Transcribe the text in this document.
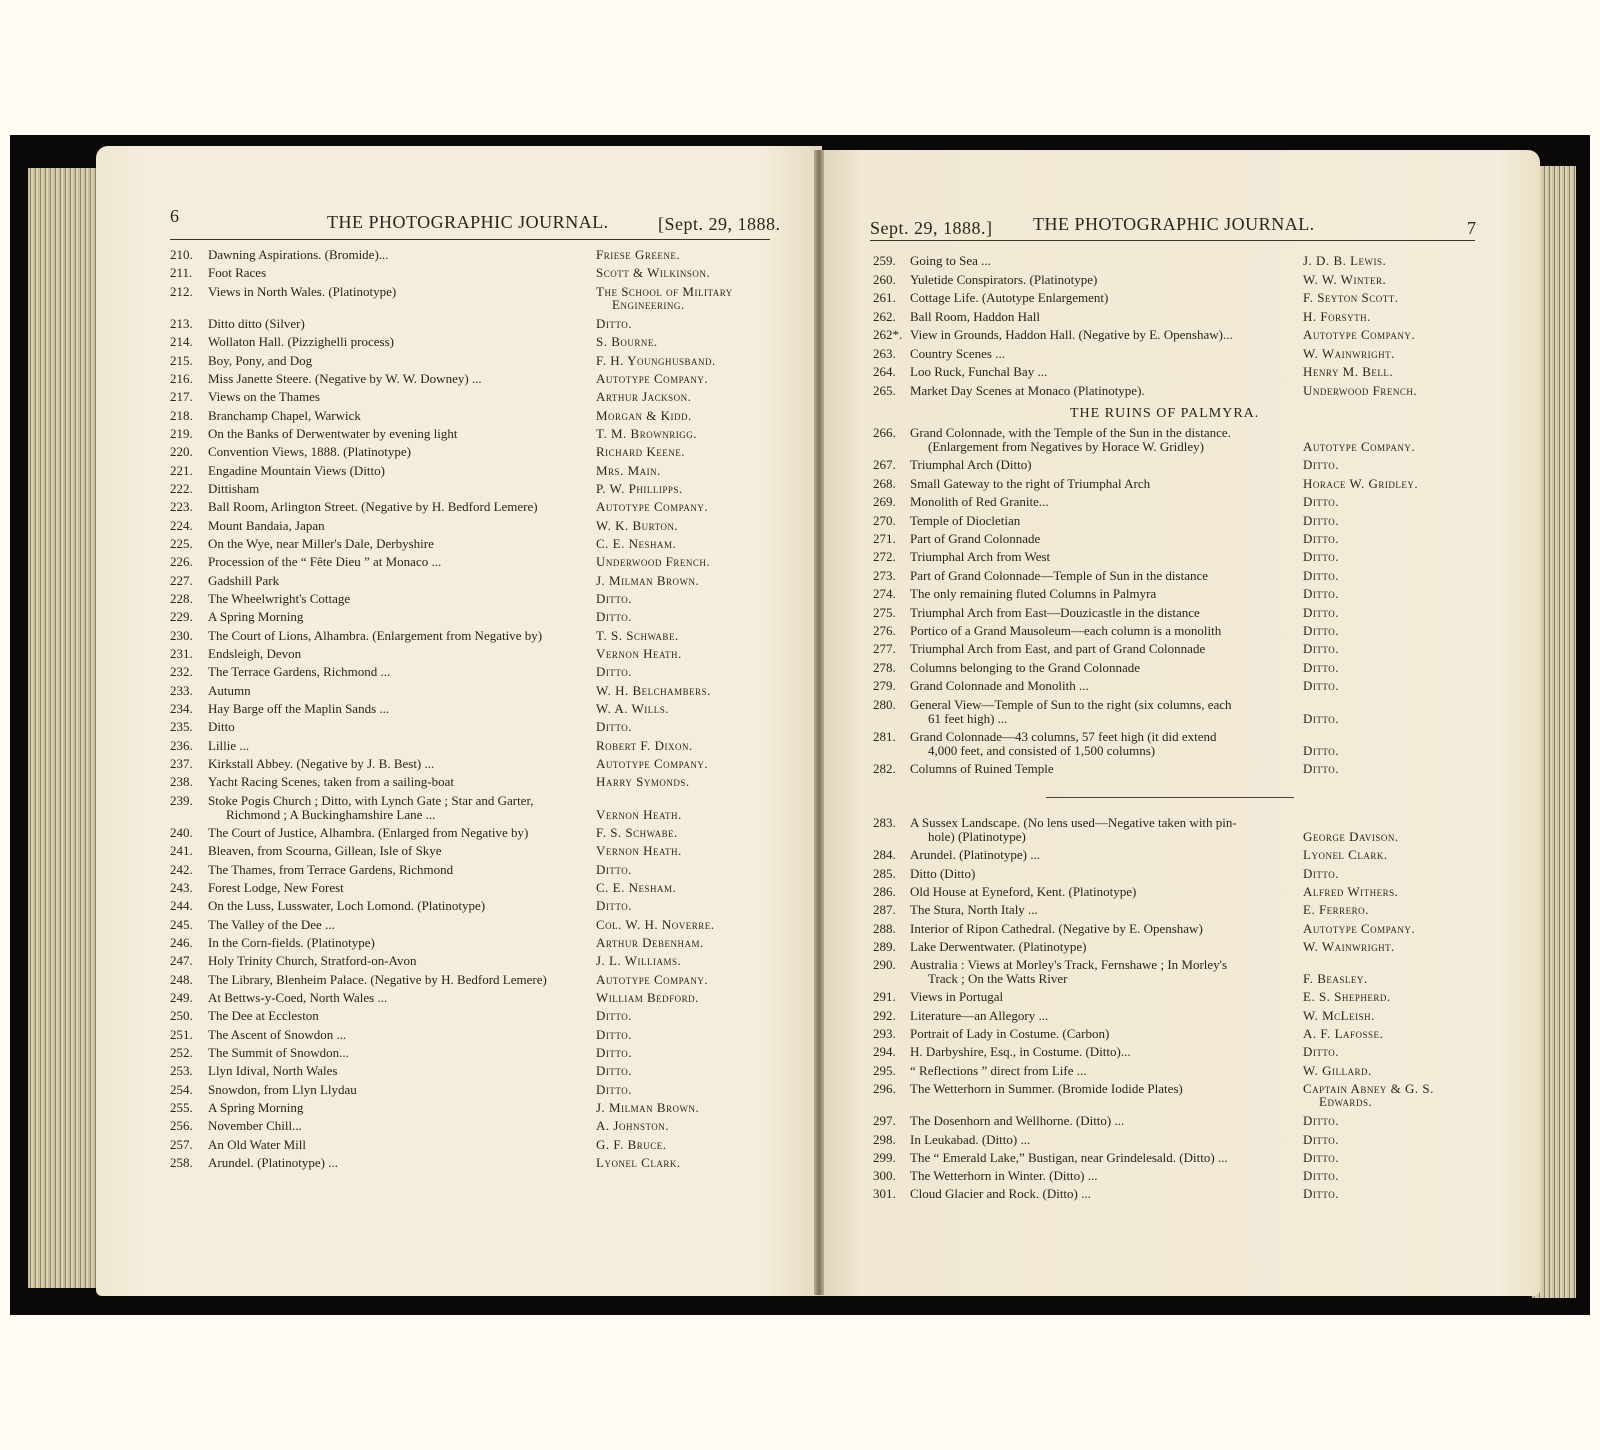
6	THE PHOTOGRAPHIC JOURNAL.	[Sept. 29, 1888.	Sept. 29, 1888.] THE PHOTOGRAPHIC JOURNAL.	7
THE RUINS OF PALMYRA.
210.	Dawning Aspirations. (Bromide)...	Friese Greene.
211.	Foot Races	Scott & Wilkinson.
212.	Views in North Wales. (Platinotype)	The School of Military
Engineering.
213.	Ditto ditto (Silver)	Ditto.
214.	Wollaton Hall. (Pizzighelli process)	S. Bourne.
215.	Boy, Pony, and Dog	F. H. Younghusband.
216.	Miss Janette Steere. (Negative by W. W. Downey) ...	Autotype Company.
217.	Views on the Thames	Arthur Jackson.
218.	Branchamp Chapel, Warwick	Morgan & Kidd.
219.	On the Banks of Derwentwater by evening light	T. M. Brownrigg.
220.	Convention Views, 1888. (Platinotype)	Richard Keene.
221.	Engadine Mountain Views (Ditto)	Mrs. Main.
222.	Dittisham	P. W. Phillipps.
223.	Ball Room, Arlington Street. (Negative by H. Bedford Lemere)	Autotype Company.
224.	Mount Bandaia, Japan	W. K. Burton.
225.	On the Wye, near Miller's Dale, Derbyshire	C. E. Nesham.
226.	Procession of the “ Fête Dieu ” at Monaco ...	Underwood French.
227.	Gadshill Park	J. Milman Brown.
228.	The Wheelwright's Cottage	Ditto.
229.	A Spring Morning	Ditto.
230.	The Court of Lions, Alhambra. (Enlargement from Negative by)	T. S. Schwabe.
231.	Endsleigh, Devon	Vernon Heath.
232.	The Terrace Gardens, Richmond ...	Ditto.
233.	Autumn	W. H. Belchambers.
234.	Hay Barge off the Maplin Sands ...	W. A. Wills.
235.	Ditto	Ditto.
236.	Lillie ...	Robert F. Dixon.
237.	Kirkstall Abbey. (Negative by J. B. Best) ...	Autotype Company.
238.	Yacht Racing Scenes, taken from a sailing-boat	Harry Symonds.
239.	Stoke Pogis Church ; Ditto, with Lynch Gate ; Star and Garter,
Richmond ; A Buckinghamshire Lane ...	Vernon Heath.
240.	The Court of Justice, Alhambra. (Enlarged from Negative by)	F. S. Schwabe.
241.	Bleaven, from Scourna, Gillean, Isle of Skye	Vernon Heath.
242.	The Thames, from Terrace Gardens, Richmond	Ditto.
243.	Forest Lodge, New Forest	C. E. Nesham.
244.	On the Luss, Lusswater, Loch Lomond. (Platinotype)	Ditto.
245.	The Valley of the Dee ...	Col. W. H. Noverre.
246.	In the Corn-fields. (Platinotype)	Arthur Debenham.
247.	Holy Trinity Church, Stratford-on-Avon	J. L. Williams.
248.	The Library, Blenheim Palace. (Negative by H. Bedford Lemere)	Autotype Company.
249.	At Bettws-y-Coed, North Wales ...	William Bedford.
250.	The Dee at Eccleston	Ditto.
251.	The Ascent of Snowdon ...	Ditto.
252.	The Summit of Snowdon...	Ditto.
253.	Llyn Idival, North Wales	Ditto.
254.	Snowdon, from Llyn Llydau	Ditto.
255.	A Spring Morning	J. Milman Brown.
256.	November Chill...	A. Johnston.
257.	An Old Water Mill	G. F. Bruce.
258.	Arundel. (Platinotype) ...	Lyonel Clark.
259.	Going to Sea ...	J. D. B. Lewis.
260.	Yuletide Conspirators. (Platinotype)	W. W. Winter.
261.	Cottage Life. (Autotype Enlargement)	F. Seyton Scott.
262.	Ball Room, Haddon Hall	H. Forsyth.
262*. View in Grounds, Haddon Hall. (Negative by E. Openshaw)...	Autotype Company.
263.	Country Scenes ...	W. Wainwright.
264.	Loo Ruck, Funchal Bay ...	Henry M. Bell.
265.	Market Day Scenes at Monaco (Platinotype).	Underwood French.
266.	Grand Colonnade, with the Temple of the Sun in the distance.
(Enlargement from Negatives by Horace W. Gridley)	Autotype Company.
267.	Triumphal Arch (Ditto)	Ditto.
268.	Small Gateway to the right of Triumphal Arch	Horace W. Gridley.
269.	Monolith of Red Granite...	Ditto.
270.	Temple of Diocletian	Ditto.
271.	Part of Grand Colonnade	Ditto.
272.	Triumphal Arch from West	Ditto.
273.	Part of Grand Colonnade—Temple of Sun in the distance	Ditto.
274.	The only remaining fluted Columns in Palmyra	Ditto.
275.	Triumphal Arch from East—Douzicastle in the distance	Ditto.
276.	Portico of a Grand Mausoleum—each column is a monolith	Ditto.
277.	Triumphal Arch from East, and part of Grand Colonnade	Ditto.
278.	Columns belonging to the Grand Colonnade	Ditto.
279.	Grand Colonnade and Monolith ...	Ditto.
280.	General View—Temple of Sun to the right (six columns, each
61 feet high) ...	Ditto.
281.	Grand Colonnade—43 columns, 57 feet high (it did extend
4,000 feet, and consisted of 1,500 columns)	Ditto.
282.	Columns of Ruined Temple	Ditto.
283.	A Sussex Landscape. (No lens used—Negative taken with pin-
hole) (Platinotype)	George Davison.
284.	Arundel. (Platinotype) ...	Lyonel Clark.
285.	Ditto (Ditto)	Ditto.
286.	Old House at Eyneford, Kent. (Platinotype)	Alfred Withers.
287.	The Stura, North Italy ...	E. Ferrero.
288.	Interior of Ripon Cathedral. (Negative by E. Openshaw)	Autotype Company.
289.	Lake Derwentwater. (Platinotype)	W. Wainwright.
290.	Australia : Views at Morley's Track, Fernshawe ; In Morley's
Track ; On the Watts River	F. Beasley.
291.	Views in Portugal	E. S. Shepherd.
292.	Literature—an Allegory ...	W. McLeish.
293.	Portrait of Lady in Costume. (Carbon)	A. F. Lafosse.
294.	H. Darbyshire, Esq., in Costume. (Ditto)...	Ditto.
295.	“ Reflections ” direct from Life ...	W. Gillard.
296.	The Wetterhorn in Summer. (Bromide Iodide Plates)	Captain Abney & G. S.
Edwards.
297.	The Dosenhorn and Wellhorne. (Ditto) ...	Ditto.
298.	In Leukabad. (Ditto) ...	Ditto.
299.	The “ Emerald Lake,” Bustigan, near Grindelesald. (Ditto) ...	Ditto.
300.	The Wetterhorn in Winter. (Ditto) ...	Ditto.
301.	Cloud Glacier and Rock. (Ditto) ...	Ditto.
